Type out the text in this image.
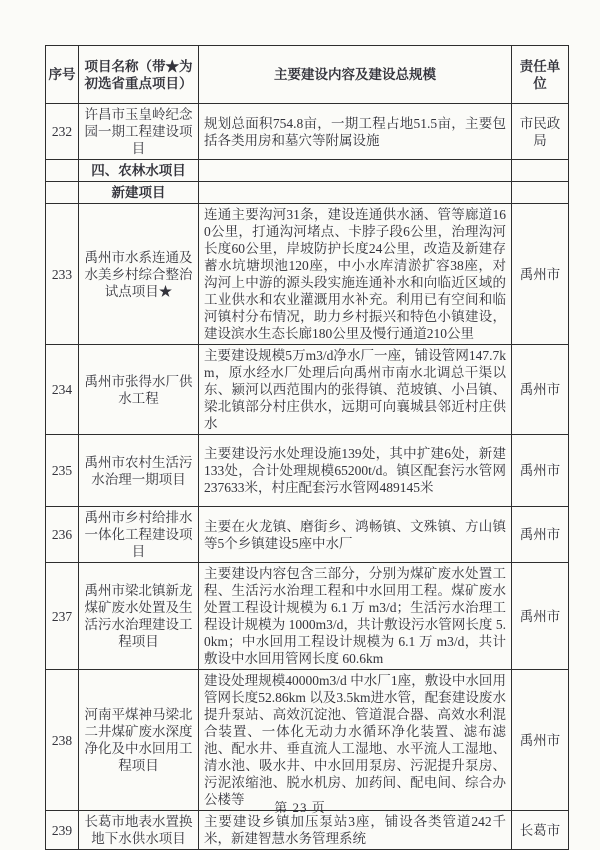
序号	项目名称（带★为初选省重点项目）	主要建设内容及建设总规模	责任单位
232	许昌市玉皇岭纪念园一期工程建设项目	规划总面积754.8亩，一期工程占地51.5亩，主要包括各类用房和墓穴等附属设施	市民政局
	四、农林水项目		
	新建项目		
233	禹州市水系连通及水美乡村综合整治试点项目★	连通主要沟河31条，建设连通供水涵、管等廊道160公里，打通沟河堵点、卡脖子段6公里，治理沟河长度60公里，岸坡防护长度24公里，改造及新建存蓄水坑塘坝池120座，中小水库清淤扩容38座，对沟河上中游的源头段实施连通补水和向临近区域的工业供水和农业灌溉用水补充。利用已有空间和临河镇村分布情况，助力乡村振兴和特色小镇建设，建设滨水生态长廊180公里及慢行通道210公里	禹州市
234	禹州市张得水厂供水工程	主要建设规模5万m3/d净水厂一座，铺设管网147.7km，原水经水厂处理后向禹州市南水北调总干渠以东、颍河以西范围内的张得镇、范坡镇、小吕镇、梁北镇部分村庄供水，远期可向襄城县邻近村庄供水	禹州市
235	禹州市农村生活污水治理一期项目	主要建设污水处理设施139处，其中扩建6处，新建133处，合计处理规模65200t/d。镇区配套污水管网237633米，村庄配套污水管网489145米	禹州市
236	禹州市乡村给排水一体化工程建设项目	主要在火龙镇、磨街乡、鸿畅镇、文殊镇、方山镇等5个乡镇建设5座中水厂	禹州市
237	禹州市梁北镇新龙煤矿废水处置及生活污水治理建设工程项目	主要建设内容包含三部分，分别为煤矿废水处置工程、生活污水治理工程和中水回用工程。煤矿废水处置工程设计规模为 6.1 万 m3/d；生活污水治理工程设计规模为 1000m3/d，共计敷设污水管网长度 5.0km；中水回用工程设计规模为 6.1 万 m3/d，共计敷设中水回用管网长度 60.6km	禹州市
238	河南平煤神马梁北二井煤矿废水深度净化及中水回用工程项目	建设处理规模40000m3/d 中水厂1座，敷设中水回用管网长度52.86km 以及3.5km进水管，配套建设废水提升泵站、高效沉淀池、管道混合器、高效水利混合装置、一体化无动力水循环净化装置、滤布滤池、配水井、垂直流人工湿地、水平流人工湿地、清水池、吸水井、中水回用泵房、污泥提升泵房、污泥浓缩池、脱水机房、加药间、配电间、综合办公楼等	禹州市
239	长葛市地表水置换地下水供水项目	主要建设乡镇加压泵站3座，铺设各类管道242千米，新建智慧水务管理系统	长葛市
第 23 页
